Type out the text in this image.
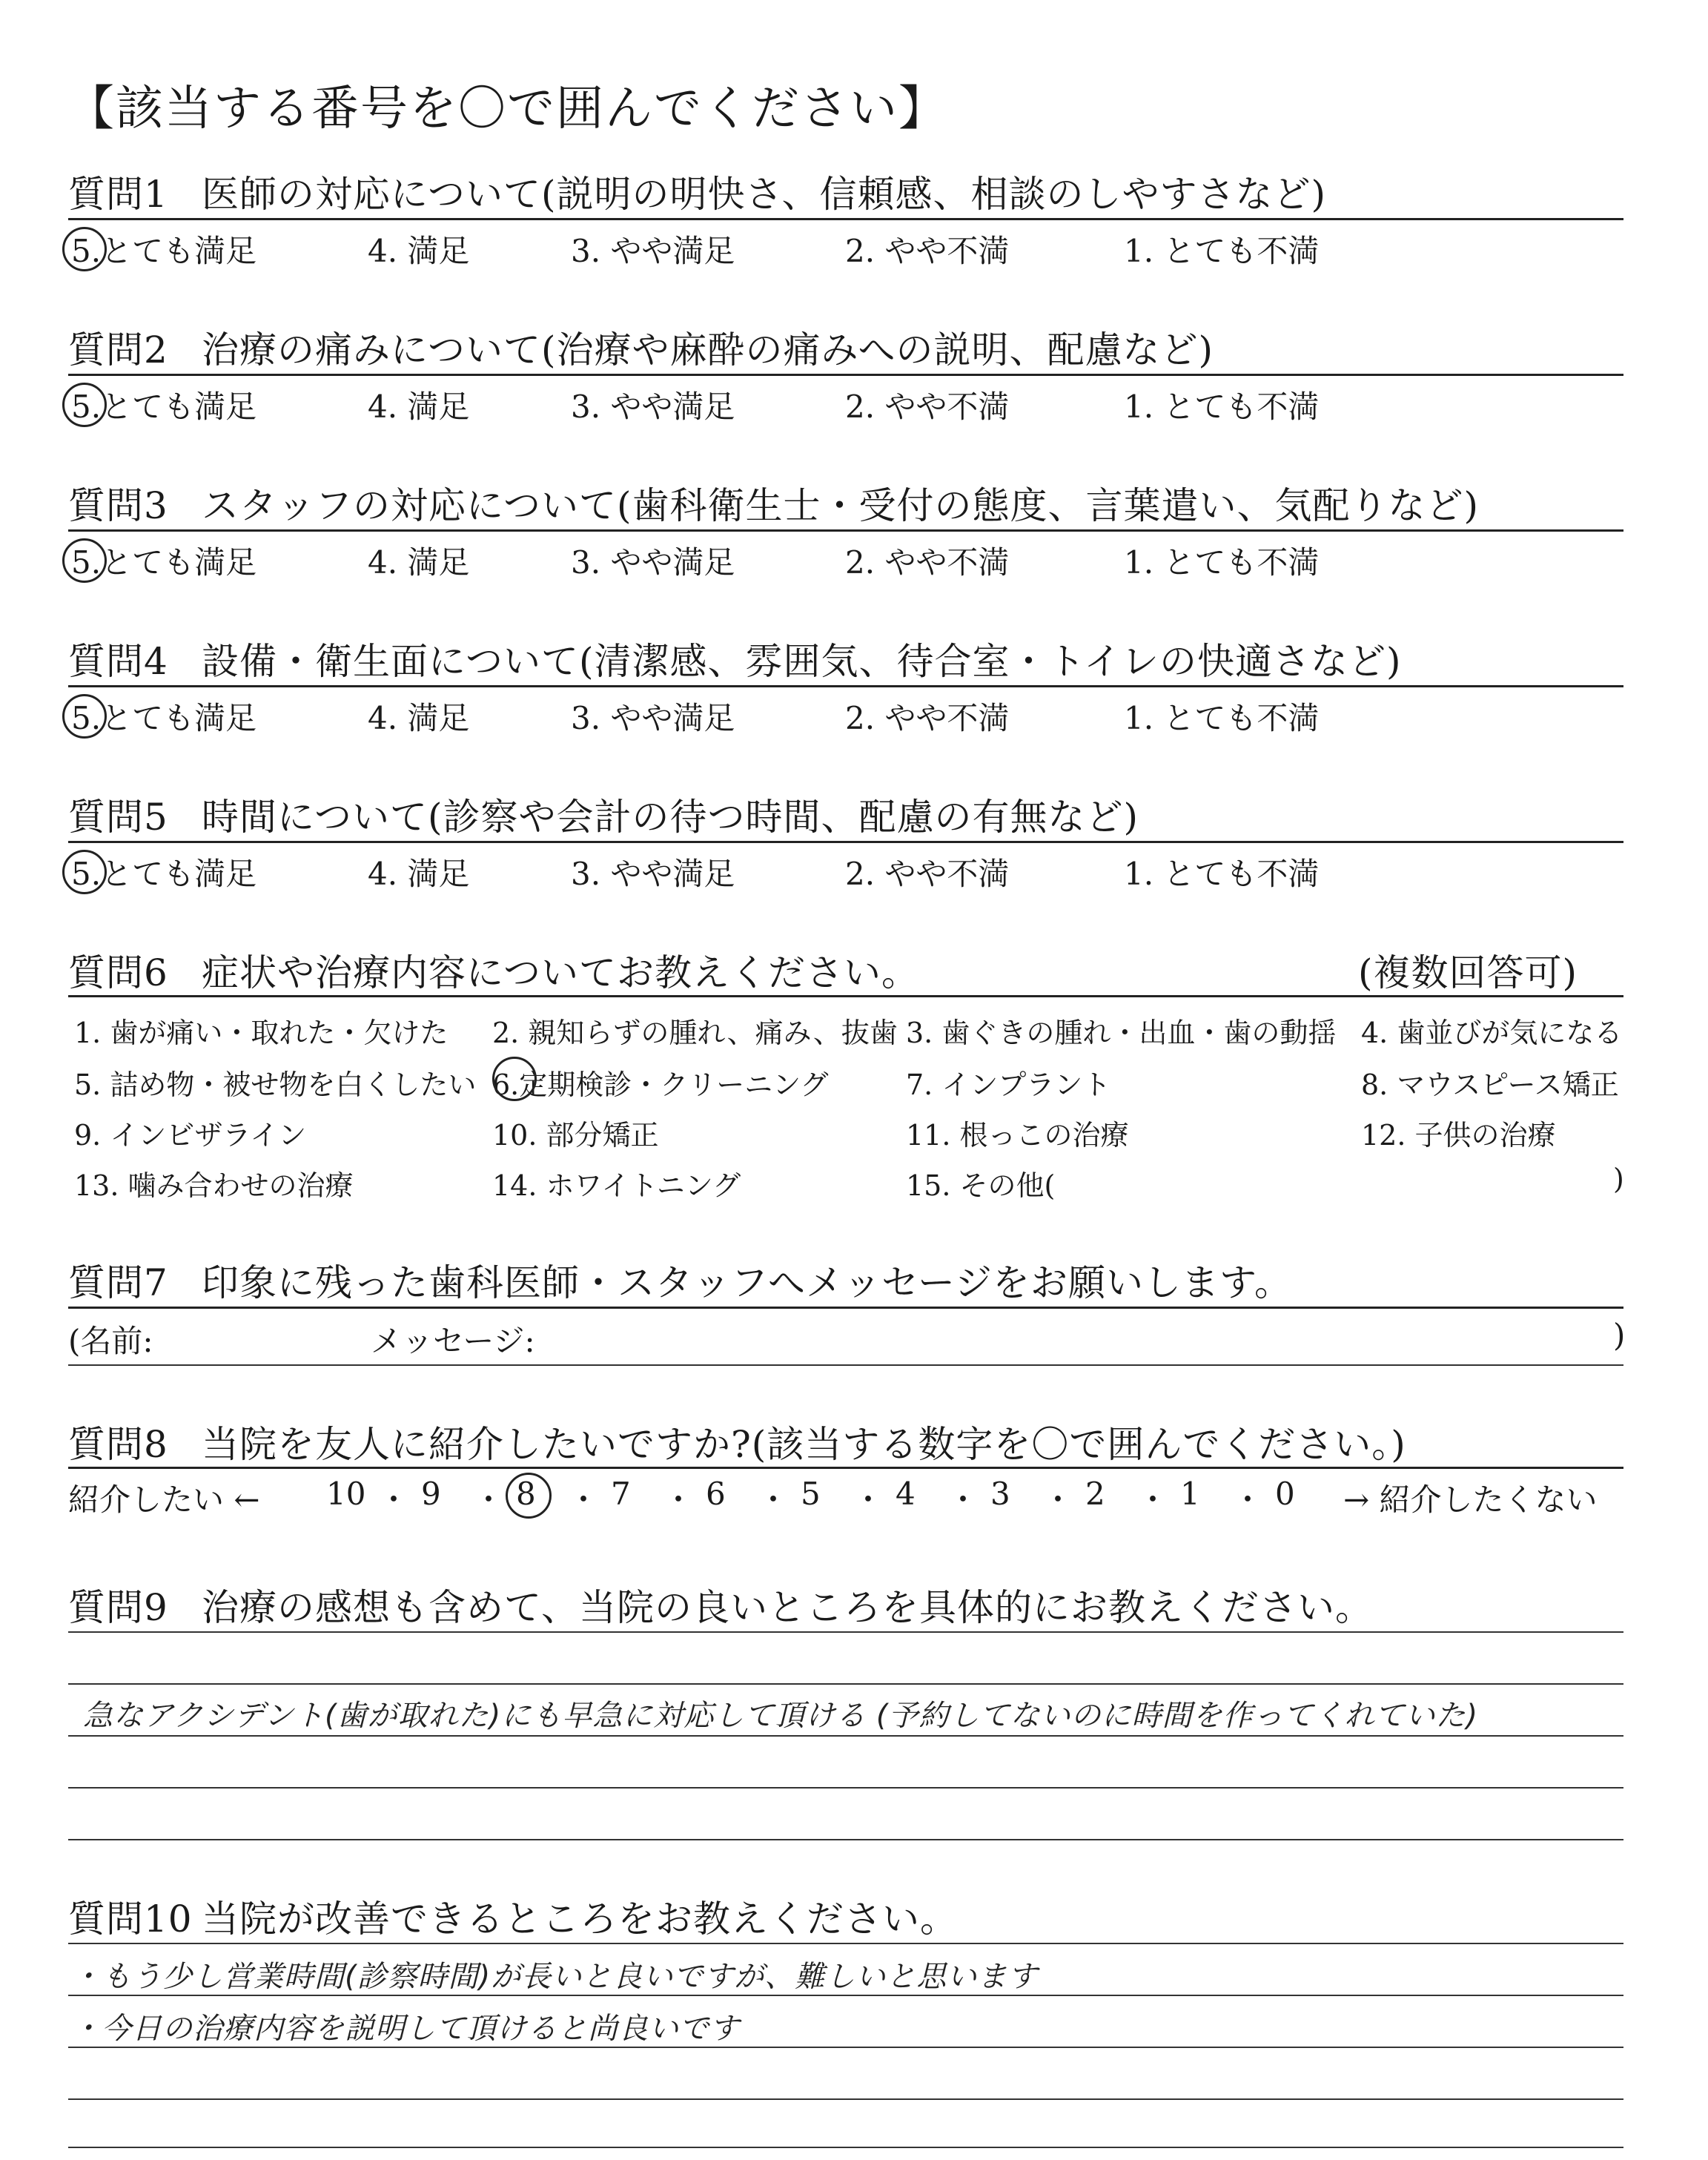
【該当する番号を〇で囲んでください】
質問1 医師の対応について(説明の明快さ、信頼感、相談のしやすさなど)
5.とても満足	4. 満足	3. やや満足	2. やや不満	1. とても不満
質問2 治療の痛みについて(治療や麻酔の痛みへの説明、配慮など)
5.とても満足	4. 満足	3. やや満足	2. やや不満	1. とても不満
質問3 スタッフの対応について(歯科衛生士・受付の態度、言葉遣い、気配りなど)
5.とても満足	4. 満足	3. やや満足	2. やや不満	1. とても不満
質問4 設備・衛生面について(清潔感、雰囲気、待合室・トイレの快適さなど)
5.とても満足	4. 満足	3. やや満足	2. やや不満	1. とても不満
質問5 時間について(診察や会計の待つ時間、配慮の有無など)
5.とても満足	4. 満足	3. やや満足	2. やや不満	1. とても不満
質問6 症状や治療内容についてお教えください。	(複数回答可)
1. 歯が痛い・取れた・欠けた 2. 親知らずの腫れ、痛み、抜歯 3. 歯ぐきの腫れ・出血・歯の動揺 4. 歯並びが気になる
5. 詰め物・被せ物を白くしたい 6.定期検診・クリーニング	7. インプラント	8. マウスピース矯正
9. インビザライン	10. 部分矯正	11. 根っこの治療	12. 子供の治療
13. 噛み合わせの治療	14. ホワイトニング	15. その他(	)
質問7 印象に残った歯科医師・スタッフへメッセージをお願いします。
(名前:	メッセージ:	)
質問8 当院を友人に紹介したいですか?(該当する数字を〇で囲んでください。)
紹介したい ←	→ 紹介したくない
10 ・ 9 ・ 8 ・ 7 ・ 6 ・ 5 ・ 4 ・ 3 ・ 2 ・ 1 ・ 0
質問9 治療の感想も含めて、当院の良いところを具体的にお教えください。
急なアクシデント(歯が取れた)にも早急に対応して頂ける (予約してないのに時間を作ってくれていた)
質問10 当院が改善できるところをお教えください。
・もう少し営業時間(診察時間)が長いと良いですが、難しいと思います
・今日の治療内容を説明して頂けると尚良いです
